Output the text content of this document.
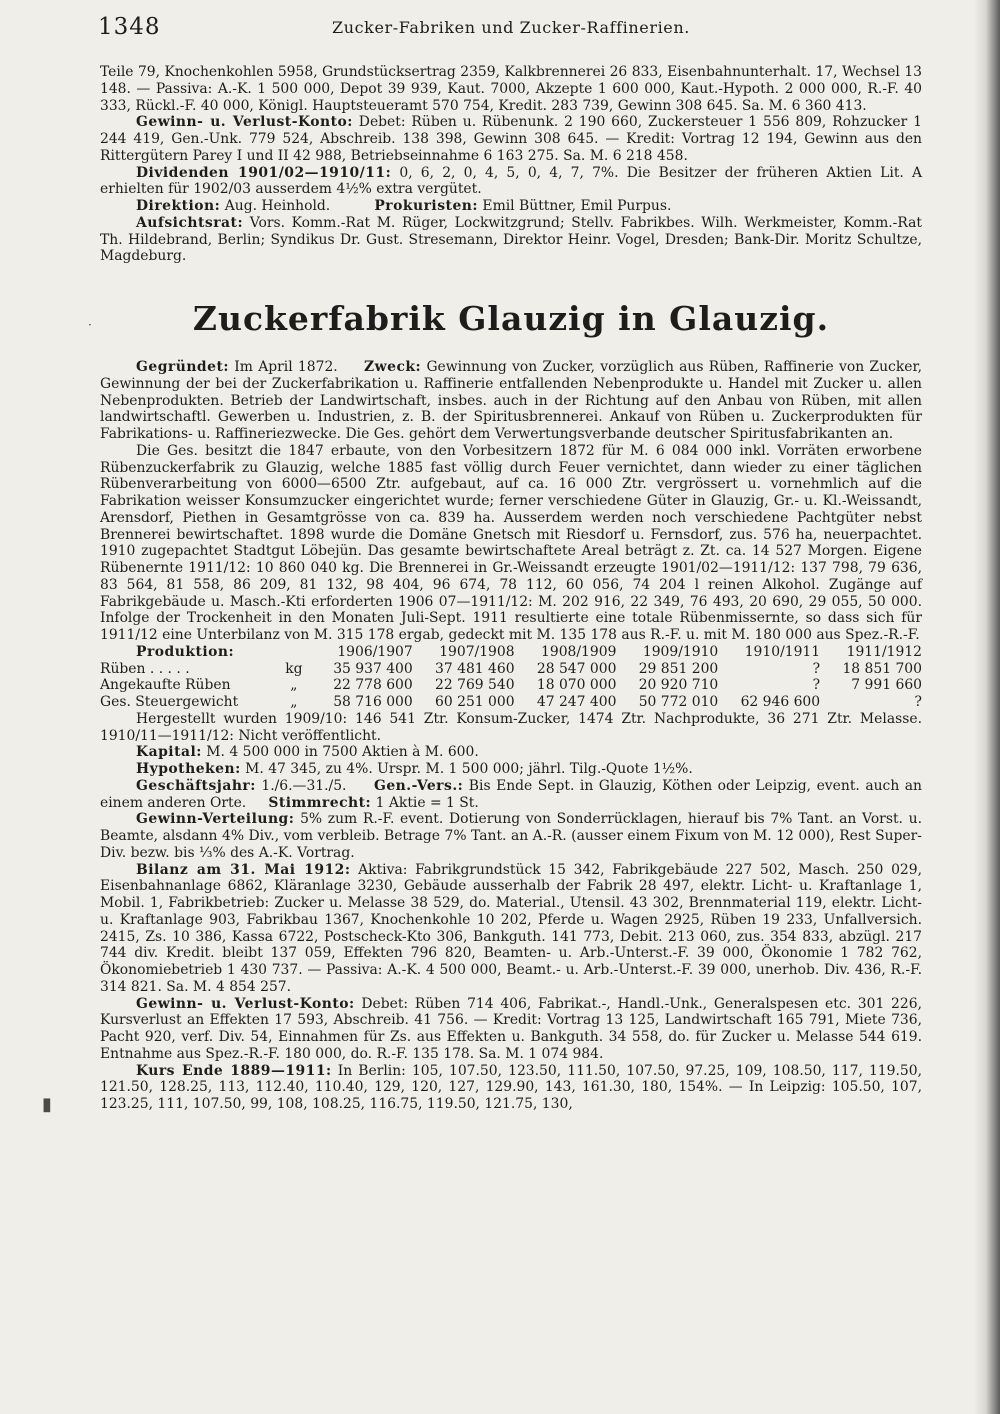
1348	Zucker-Fabriken und Zucker-Raffinerien.

Teile 79, Knochenkohlen 5958, Grundstücksertrag 2359, Kalkbrennerei 26 833, Eisenbahnunterhalt. 17, Wechsel 13 148. — Passiva: A.-K. 1 500 000, Depot 39 939, Kaut. 7000, Akzepte 1 600 000, Kaut.-Hypoth. 2 000 000, R.-F. 40 333, Rückl.-F. 40 000, Königl. Hauptsteueramt 570 754, Kredit. 283 739, Gewinn 308 645. Sa. M. 6 360 413.

Gewinn- u. Verlust-Konto: Debet: Rüben u. Rübenunk. 2 190 660, Zuckersteuer 1 556 809, Rohzucker 1 244 419, Gen.-Unk. 779 524, Abschreib. 138 398, Gewinn 308 645. — Kredit: Vortrag 12 194, Gewinn aus den Rittergütern Parey I und II 42 988, Betriebseinnahme 6 163 275. Sa. M. 6 218 458.

Dividenden 1901/02—1910/11: 0, 6, 2, 0, 4, 5, 0, 4, 7, 7%. Die Besitzer der früheren Aktien Lit. A erhielten für 1902/03 ausserdem 4½% extra vergütet.

Direktion: Aug. Heinhold.	Prokuristen: Emil Büttner, Emil Purpus.

Aufsichtsrat: Vors. Komm.-Rat M. Rüger, Lockwitzgrund; Stellv. Fabrikbes. Wilh. Werkmeister, Komm.-Rat Th. Hildebrand, Berlin; Syndikus Dr. Gust. Stresemann, Direktor Heinr. Vogel, Dresden; Bank-Dir. Moritz Schultze, Magdeburg.

Zuckerfabrik Glauzig in Glauzig.

Gegründet: Im April 1872.     Zweck: Gewinnung von Zucker, vorzüglich aus Rüben, Raffinerie von Zucker, Gewinnung der bei der Zuckerfabrikation u. Raffinerie entfallenden Nebenprodukte u. Handel mit Zucker u. allen Nebenprodukten. Betrieb der Landwirtschaft, insbes. auch in der Richtung auf den Anbau von Rüben, mit allen landwirtschaftl. Gewerben u. Industrien, z. B. der Spiritusbrennerei. Ankauf von Rüben u. Zuckerprodukten für Fabrikations- u. Raffineriezwecke. Die Ges. gehört dem Verwertungsverbande deutscher Spiritusfabrikanten an.

Die Ges. besitzt die 1847 erbaute, von den Vorbesitzern 1872 für M. 6 084 000 inkl. Vorräten erworbene Rübenzuckerfabrik zu Glauzig, welche 1885 fast völlig durch Feuer vernichtet, dann wieder zu einer täglichen Rübenverarbeitung von 6000—6500 Ztr. aufgebaut, auf ca. 16 000 Ztr. vergrössert u. vornehmlich auf die Fabrikation weisser Konsumzucker eingerichtet wurde; ferner verschiedene Güter in Glauzig, Gr.- u. Kl.-Weissandt, Arensdorf, Piethen in Gesamtgrösse von ca. 839 ha. Ausserdem werden noch verschiedene Pachtgüter nebst Brennerei bewirtschaftet. 1898 wurde die Domäne Gnetsch mit Riesdorf u. Fernsdorf, zus. 576 ha, neuerpachtet. 1910 zugepachtet Stadtgut Löbejün. Das gesamte bewirtschaftete Areal beträgt z. Zt. ca. 14 527 Morgen. Eigene Rübenernte 1911/12: 10 860 040 kg. Die Brennerei in Gr.-Weissandt erzeugte 1901/02—1911/12: 137 798, 79 636, 83 564, 81 558, 86 209, 81 132, 98 404, 96 674, 78 112, 60 056, 74 204 l reinen Alkohol. Zugänge auf Fabrikgebäude u. Masch.-Kti erforderten 1906 07—1911/12: M. 202 916, 22 349, 76 493, 20 690, 29 055, 50 000. Infolge der Trockenheit in den Monaten Juli-Sept. 1911 resultierte eine totale Rübenmissernte, so dass sich für 1911/12 eine Unterbilanz von M. 315 178 ergab, gedeckt mit M. 135 178 aus R.-F. u. mit M. 180 000 aus Spez.-R.-F.

Produktion:		1906/1907	1907/1908	1908/1909	1909/1910	1910/1911	1911/1912
Rüben . . . . .	kg	35 937 400	37 481 460	28 547 000	29 851 200	?	18 851 700
Angekaufte Rüben	„	22 778 600	22 769 540	18 070 000	20 920 710	?	7 991 660
Ges. Steuergewicht	„	58 716 000	60 251 000	47 247 400	50 772 010	62 946 600	?

Hergestellt wurden 1909/10: 146 541 Ztr. Konsum-Zucker, 1474 Ztr. Nachprodukte, 36 271 Ztr. Melasse. 1910/11—1911/12: Nicht veröffentlicht.

Kapital: M. 4 500 000 in 7500 Aktien à M. 600.

Hypotheken: M. 47 345, zu 4%. Urspr. M. 1 500 000; jährl. Tilg.-Quote 1½%.

Geschäftsjahr: 1./6.—31./5.     Gen.-Vers.: Bis Ende Sept. in Glauzig, Köthen oder Leipzig, event. auch an einem anderen Orte.     Stimmrecht: 1 Aktie = 1 St.

Gewinn-Verteilung: 5% zum R.-F. event. Dotierung von Sonderrücklagen, hierauf bis 7% Tant. an Vorst. u. Beamte, alsdann 4% Div., vom verbleib. Betrage 7% Tant. an A.-R. (ausser einem Fixum von M. 12 000), Rest Super-Div. bezw. bis ⅓% des A.-K. Vortrag.

Bilanz am 31. Mai 1912: Aktiva: Fabrikgrundstück 15 342, Fabrikgebäude 227 502, Masch. 250 029, Eisenbahnanlage 6862, Kläranlage 3230, Gebäude ausserhalb der Fabrik 28 497, elektr. Licht- u. Kraftanlage 1, Mobil. 1, Fabrikbetrieb: Zucker u. Melasse 38 529, do. Material., Utensil. 43 302, Brennmaterial 119, elektr. Licht- u. Kraftanlage 903, Fabrikbau 1367, Knochenkohle 10 202, Pferde u. Wagen 2925, Rüben 19 233, Unfallversich. 2415, Zs. 10 386, Kassa 6722, Postscheck-Kto 306, Bankguth. 141 773, Debit. 213 060, zus. 354 833, abzügl. 217 744 div. Kredit. bleibt 137 059, Effekten 796 820, Beamten- u. Arb.-Unterst.-F. 39 000, Ökonomie 1 782 762, Ökonomiebetrieb 1 430 737. — Passiva: A.-K. 4 500 000, Beamt.- u. Arb.-Unterst.-F. 39 000, unerhob. Div. 436, R.-F. 314 821. Sa. M. 4 854 257.

Gewinn- u. Verlust-Konto: Debet: Rüben 714 406, Fabrikat.-, Handl.-Unk., Generalspesen etc. 301 226, Kursverlust an Effekten 17 593, Abschreib. 41 756. — Kredit: Vortrag 13 125, Landwirtschaft 165 791, Miete 736, Pacht 920, verf. Div. 54, Einnahmen für Zs. aus Effekten u. Bankguth. 34 558, do. für Zucker u. Melasse 544 619. Entnahme aus Spez.-R.-F. 180 000, do. R.-F. 135 178. Sa. M. 1 074 984.

Kurs Ende 1889—1911: In Berlin: 105, 107.50, 123.50, 111.50, 107.50, 97.25, 109, 108.50, 117, 119.50, 121.50, 128.25, 113, 112.40, 110.40, 129, 120, 127, 129.90, 143, 161.30, 180, 154%. — In Leipzig: 105.50, 107, 123.25, 111, 107.50, 99, 108, 108.25, 116.75, 119.50, 121.75, 130,

▮
·
